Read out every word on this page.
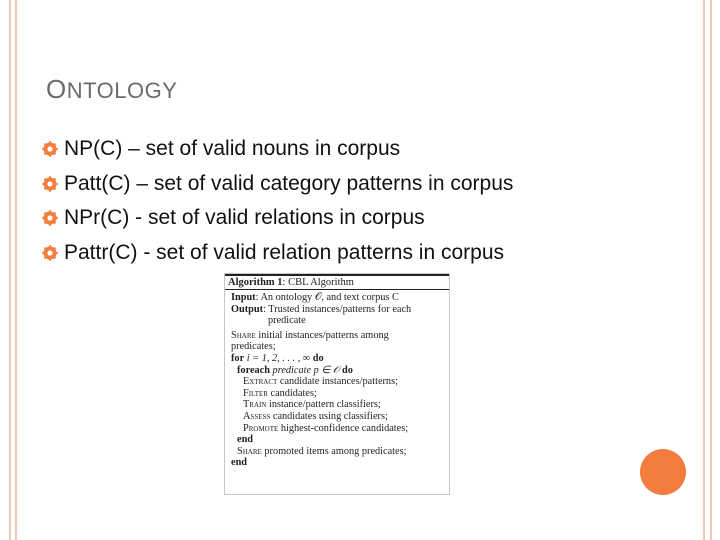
ONTOLOGY
NP(C) – set of valid nouns in corpus
Patt(C) – set of valid category patterns in corpus
NPr(C) - set of valid relations in corpus
Pattr(C) - set of valid relation patterns in corpus
Algorithm 1: CBL Algorithm
Input: An ontology 𝒪, and text corpus C
Output: Trusted instances/patterns for each
predicate
Share initial instances/patterns among
predicates;
for i = 1, 2, . . . , ∞ do
foreach predicate p ∈ 𝒪 do
Extract candidate instances/patterns;
Filter candidates;
Train instance/pattern classifiers;
Assess candidates using classifiers;
Promote highest-confidence candidates;
end
Share promoted items among predicates;
end
